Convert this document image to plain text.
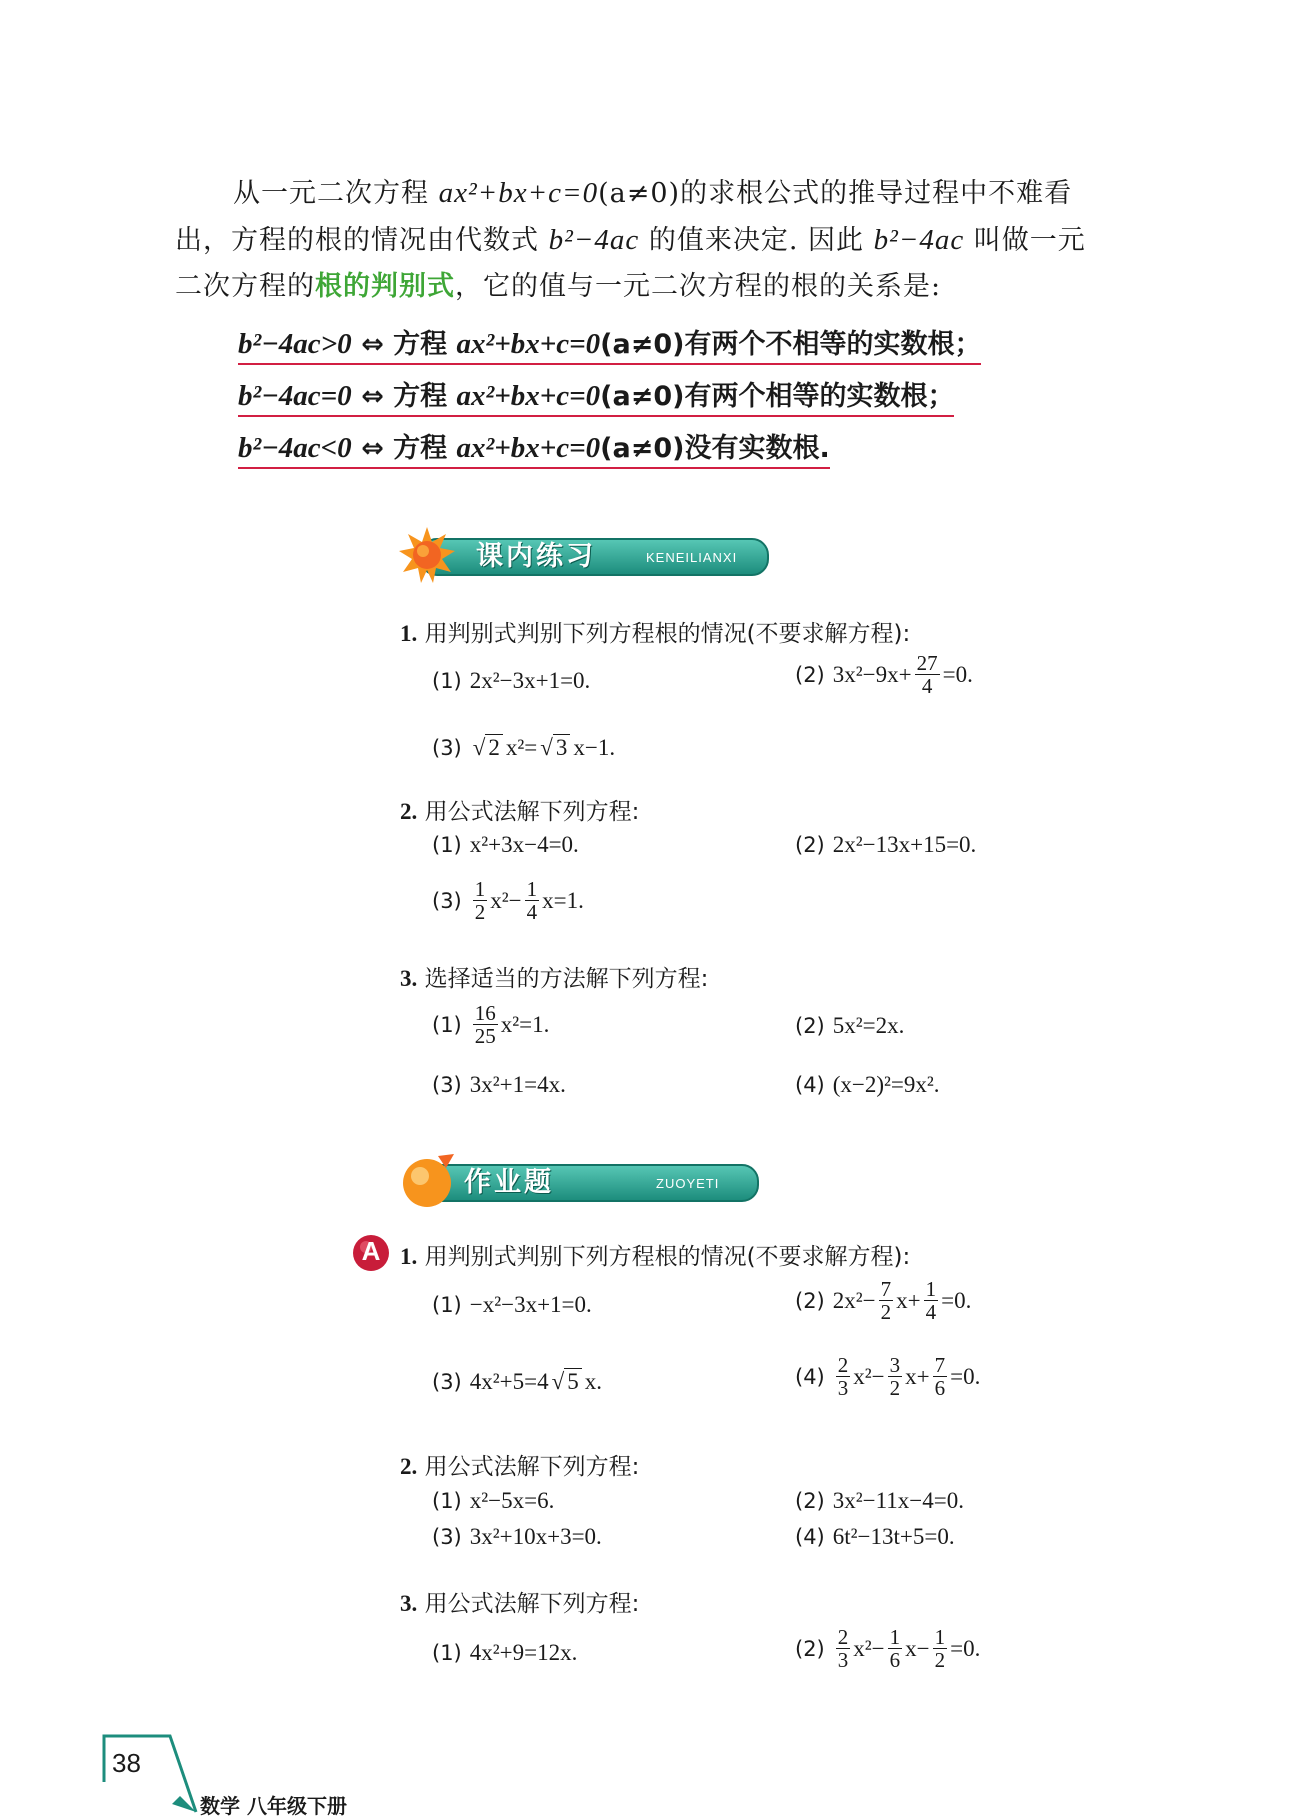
从一元二次方程 ax²+bx+c=0(a≠0)的求根公式的推导过程中不难看

出，方程的根的情况由代数式 b²−4ac 的值来决定. 因此 b²−4ac 叫做一元

二次方程的根的判别式，它的值与一元二次方程的根的关系是:

b²−4ac>0 ⇔ 方程 ax²+bx+c=0(a≠0)有两个不相等的实数根；
b²−4ac=0 ⇔ 方程 ax²+bx+c=0(a≠0)有两个相等的实数根；
b²−4ac<0 ⇔ 方程 ax²+bx+c=0(a≠0)没有实数根.
课内练习	KENEILIANXI
1. 用判别式判别下列方程根的情况(不要求解方程):
(1) 2x²−3x+1=0.	(2) $3x^2-9x+ \frac{27}{4} =0$.
(3) √ 2 x²= √ 3 x−1.
2. 用公式法解下列方程:
(1) x²+3x−4=0.	(2) 2x²−13x+15=0.
$(3) \frac{1}{2} x^2- \frac{1}{4} x=1$.
3. 选择适当的方法解下列方程:
$(1) \frac{16}{25} x^2=1$.	(2) 5x²=2x.
(3) 3x²+1=4x.	(4) (x−2)²=9x².
作业题	ZUOYETI
A 1. 用判别式判别下列方程根的情况(不要求解方程):
(1) −x²−3x+1=0.	(2) $2x^2- \frac{7}{2} x+ \frac{1}{4} =0$.
(3) 4x²+5=4 √ 5 x.	$(4) \frac{2}{3} x^2- \frac{3}{2} x+ \frac{7}{6} =0$.
2. 用公式法解下列方程:
(1) x²−5x=6.	(2) 3x²−11x−4=0.
(3) 3x²+10x+3=0.	(4) 6t²−13t+5=0.
3. 用公式法解下列方程:
(1) 4x²+9=12x.	$(2) \frac{2}{3} x^2- \frac{1}{6} x- \frac{1}{2} =0$.
38
数学 八年级下册
